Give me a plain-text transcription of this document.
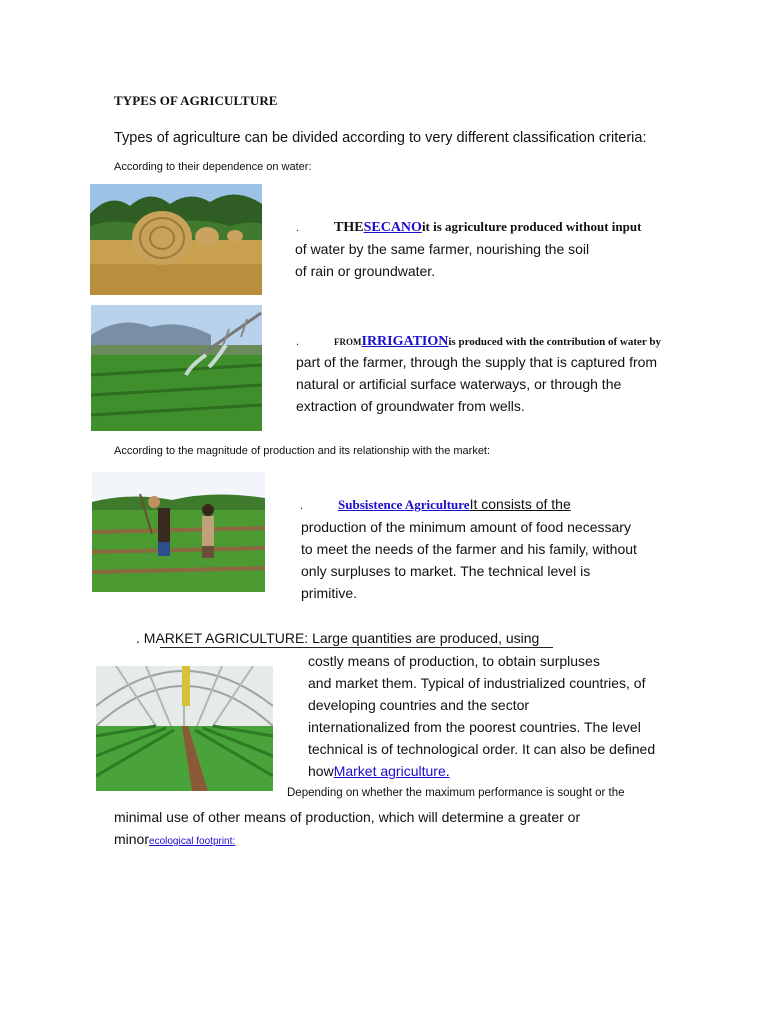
TYPES OF AGRICULTURE
Types of agriculture can be divided according to very different classification criteria:
According to their dependence on water:
. THESECANOit is agriculture produced without input
of water by the same farmer, nourishing the soil
of rain or groundwater.
.	FROMIRRIGATIONis produced with the contribution of water by
part of the farmer, through the supply that is captured from
natural or artificial surface waterways, or through the
extraction of groundwater from wells.
According to the magnitude of production and its relationship with the market:
.	Subsistence AgricultureIt consists of the
production of the minimum amount of food necessary
to meet the needs of the farmer and his family, without
only surpluses to market. The technical level is
primitive.
. MARKET AGRICULTURE: Large quantities are produced, using
costly means of production, to obtain surpluses
and market them. Typical of industrialized countries, of
developing countries and the sector
internationalized from the poorest countries. The level
technical is of technological order. It can also be defined
howMarket agriculture.
Depending on whether the maximum performance is sought or the
minimal use of other means of production, which will determine a greater or
minorecological footprint:
